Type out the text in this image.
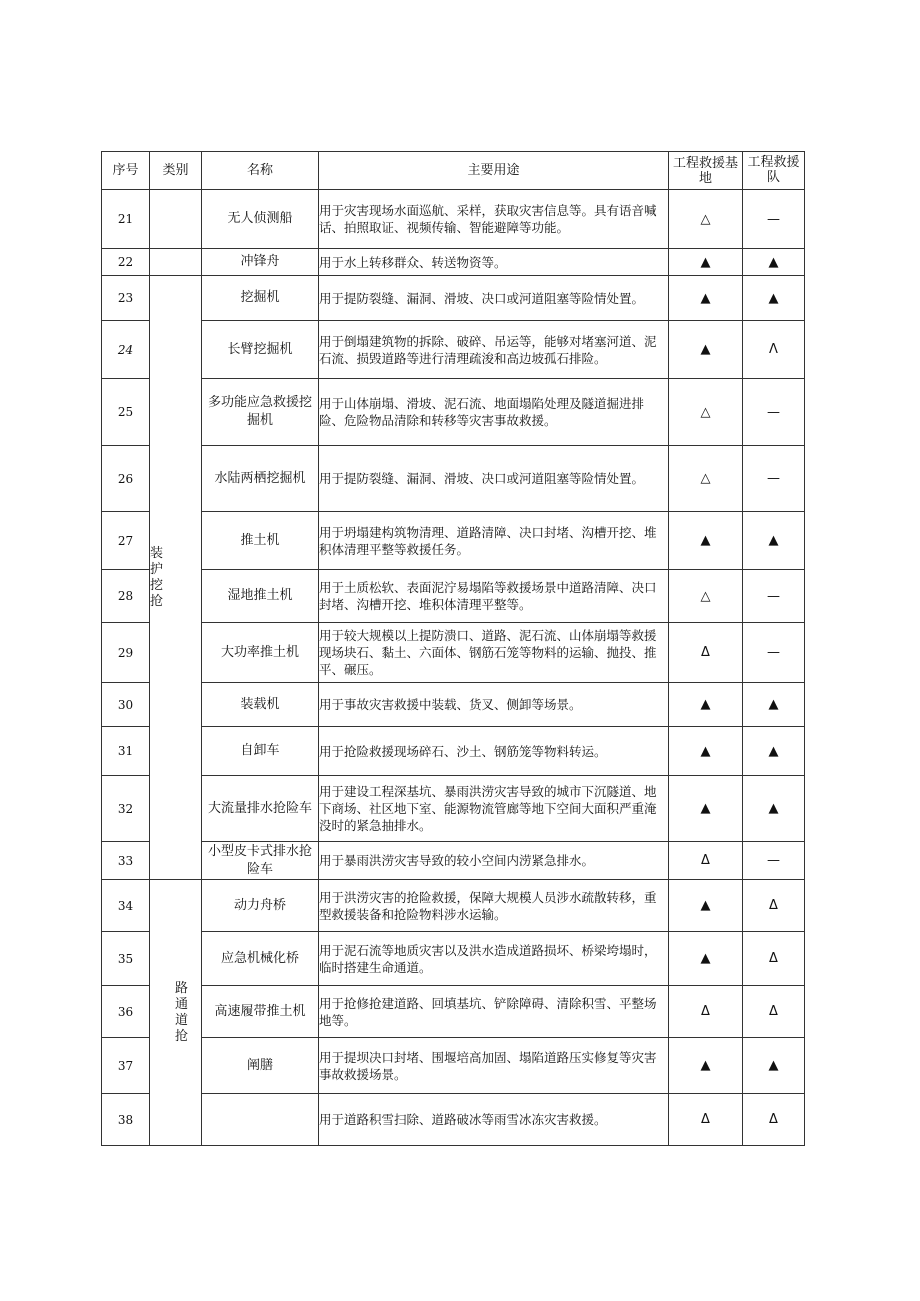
序号	类别	名称	主要用途	工程救援基地	工程救援队
21		无人侦测船	用于灾害现场水面巡航、采样，获取灾害信息等。具有语音喊话、拍照取证、视频传输、智能避障等功能。	△	—
22		冲锋舟	用于水上转移群众、转送物资等。	▲	▲
23	装护挖抢	挖掘机	用于提防裂缝、漏洞、滑坡、决口或河道阻塞等险情处置。	▲	▲
24		长臂挖掘机	用于倒塌建筑物的拆除、破碎、吊运等，能够对堵塞河道、泥石流、损毁道路等进行清理疏浚和高边坡孤石排险。	▲	Λ
25		多功能应急救援挖掘机	用于山体崩塌、滑坡、泥石流、地面塌陷处理及隧道掘进排险、危险物品清除和转移等灾害事故救援。	△	—
26		水陆两栖挖掘机	用于提防裂缝、漏洞、滑坡、决口或河道阻塞等险情处置。	△	—
27		推土机	用于坍塌建构筑物清理、道路清障、决口封堵、沟槽开挖、堆积体清理平整等救援任务。	▲	▲
28		湿地推土机	用于土质松软、表面泥泞易塌陷等救援场景中道路清障、决口封堵、沟槽开挖、堆积体清理平整等。	△	—
29		大功率推土机	用于较大规模以上提防溃口、道路、泥石流、山体崩塌等救援现场块石、黏土、六面体、钢筋石笼等物料的运输、抛投、推平、碾压。	Δ	—
30		装载机	用于事故灾害救援中装载、货叉、侧卸等场景。	▲	▲
31		自卸车	用于抢险救援现场碎石、沙土、钢筋笼等物料转运。	▲	▲
32		大流量排水抢险车	用于建设工程深基坑、暴雨洪涝灾害导致的城市下沉隧道、地下商场、社区地下室、能源物流管廊等地下空间大面积严重淹没时的紧急抽排水。	▲	▲
33		小型皮卡式排水抢险车	用于暴雨洪涝灾害导致的较小空间内涝紧急排水。	Δ	—
34	路通道抢	动力舟桥	用于洪涝灾害的抢险救援，保障大规模人员涉水疏散转移，重型救援装备和抢险物料涉水运输。	▲	Δ
35		应急机械化桥	用于泥石流等地质灾害以及洪水造成道路损坏、桥梁垮塌时，临时搭建生命通道。	▲	Δ
36		高速履带推土机	用于抢修抢建道路、回填基坑、铲除障碍、清除积雪、平整场地等。	Δ	Δ
37		阐膳	用于提坝决口封堵、围堰培高加固、塌陷道路压实修复等灾害事故救援场景。	▲	▲
38			用于道路积雪扫除、道路破冰等雨雪冰冻灾害救援。	Δ	Δ
